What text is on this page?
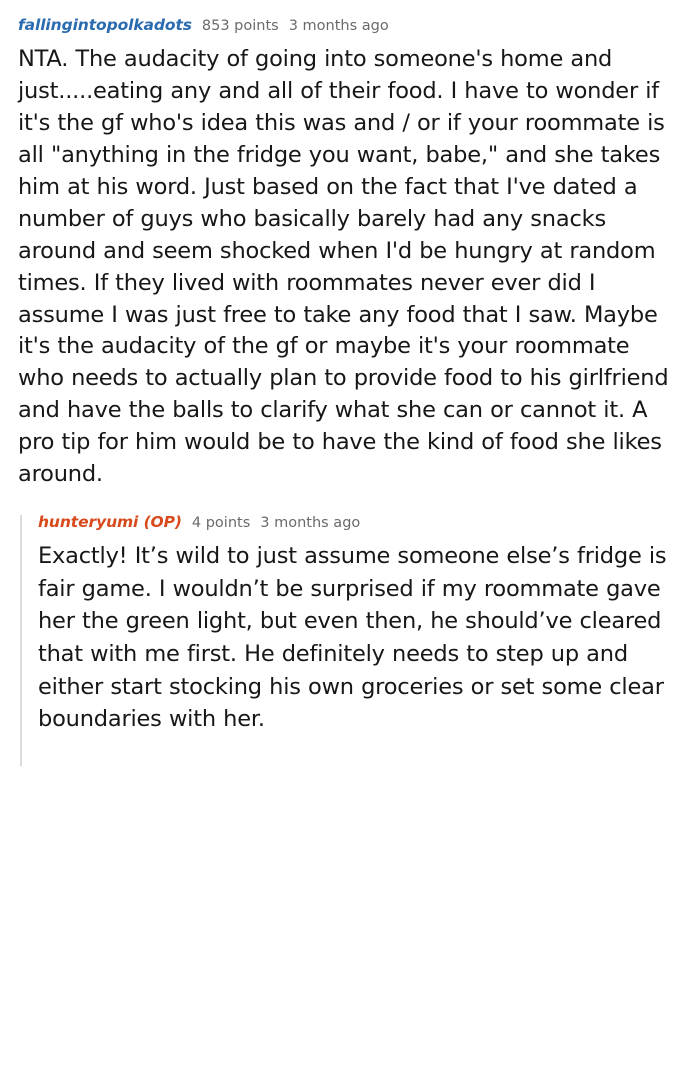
fallingintopolkadots 853 points 3 months ago
NTA. The audacity of going into someone's home and just.....eating any and all of their food. I have to wonder if it's the gf who's idea this was and / or if your roommate is all "anything in the fridge you want, babe," and she takes him at his word. Just based on the fact that I've dated a number of guys who basically barely had any snacks around and seem shocked when I'd be hungry at random times. If they lived with roommates never ever did I assume I was just free to take any food that I saw. Maybe it's the audacity of the gf or maybe it's your roommate who needs to actually plan to provide food to his girlfriend and have the balls to clarify what she can or cannot it. A pro tip for him would be to have the kind of food she likes around.
hunteryumi (OP) 4 points 3 months ago
Exactly! It’s wild to just assume someone else’s fridge is fair game. I wouldn’t be surprised if my roommate gave her the green light, but even then, he should’ve cleared that with me first. He definitely needs to step up and either start stocking his own groceries or set some clear boundaries with her.
